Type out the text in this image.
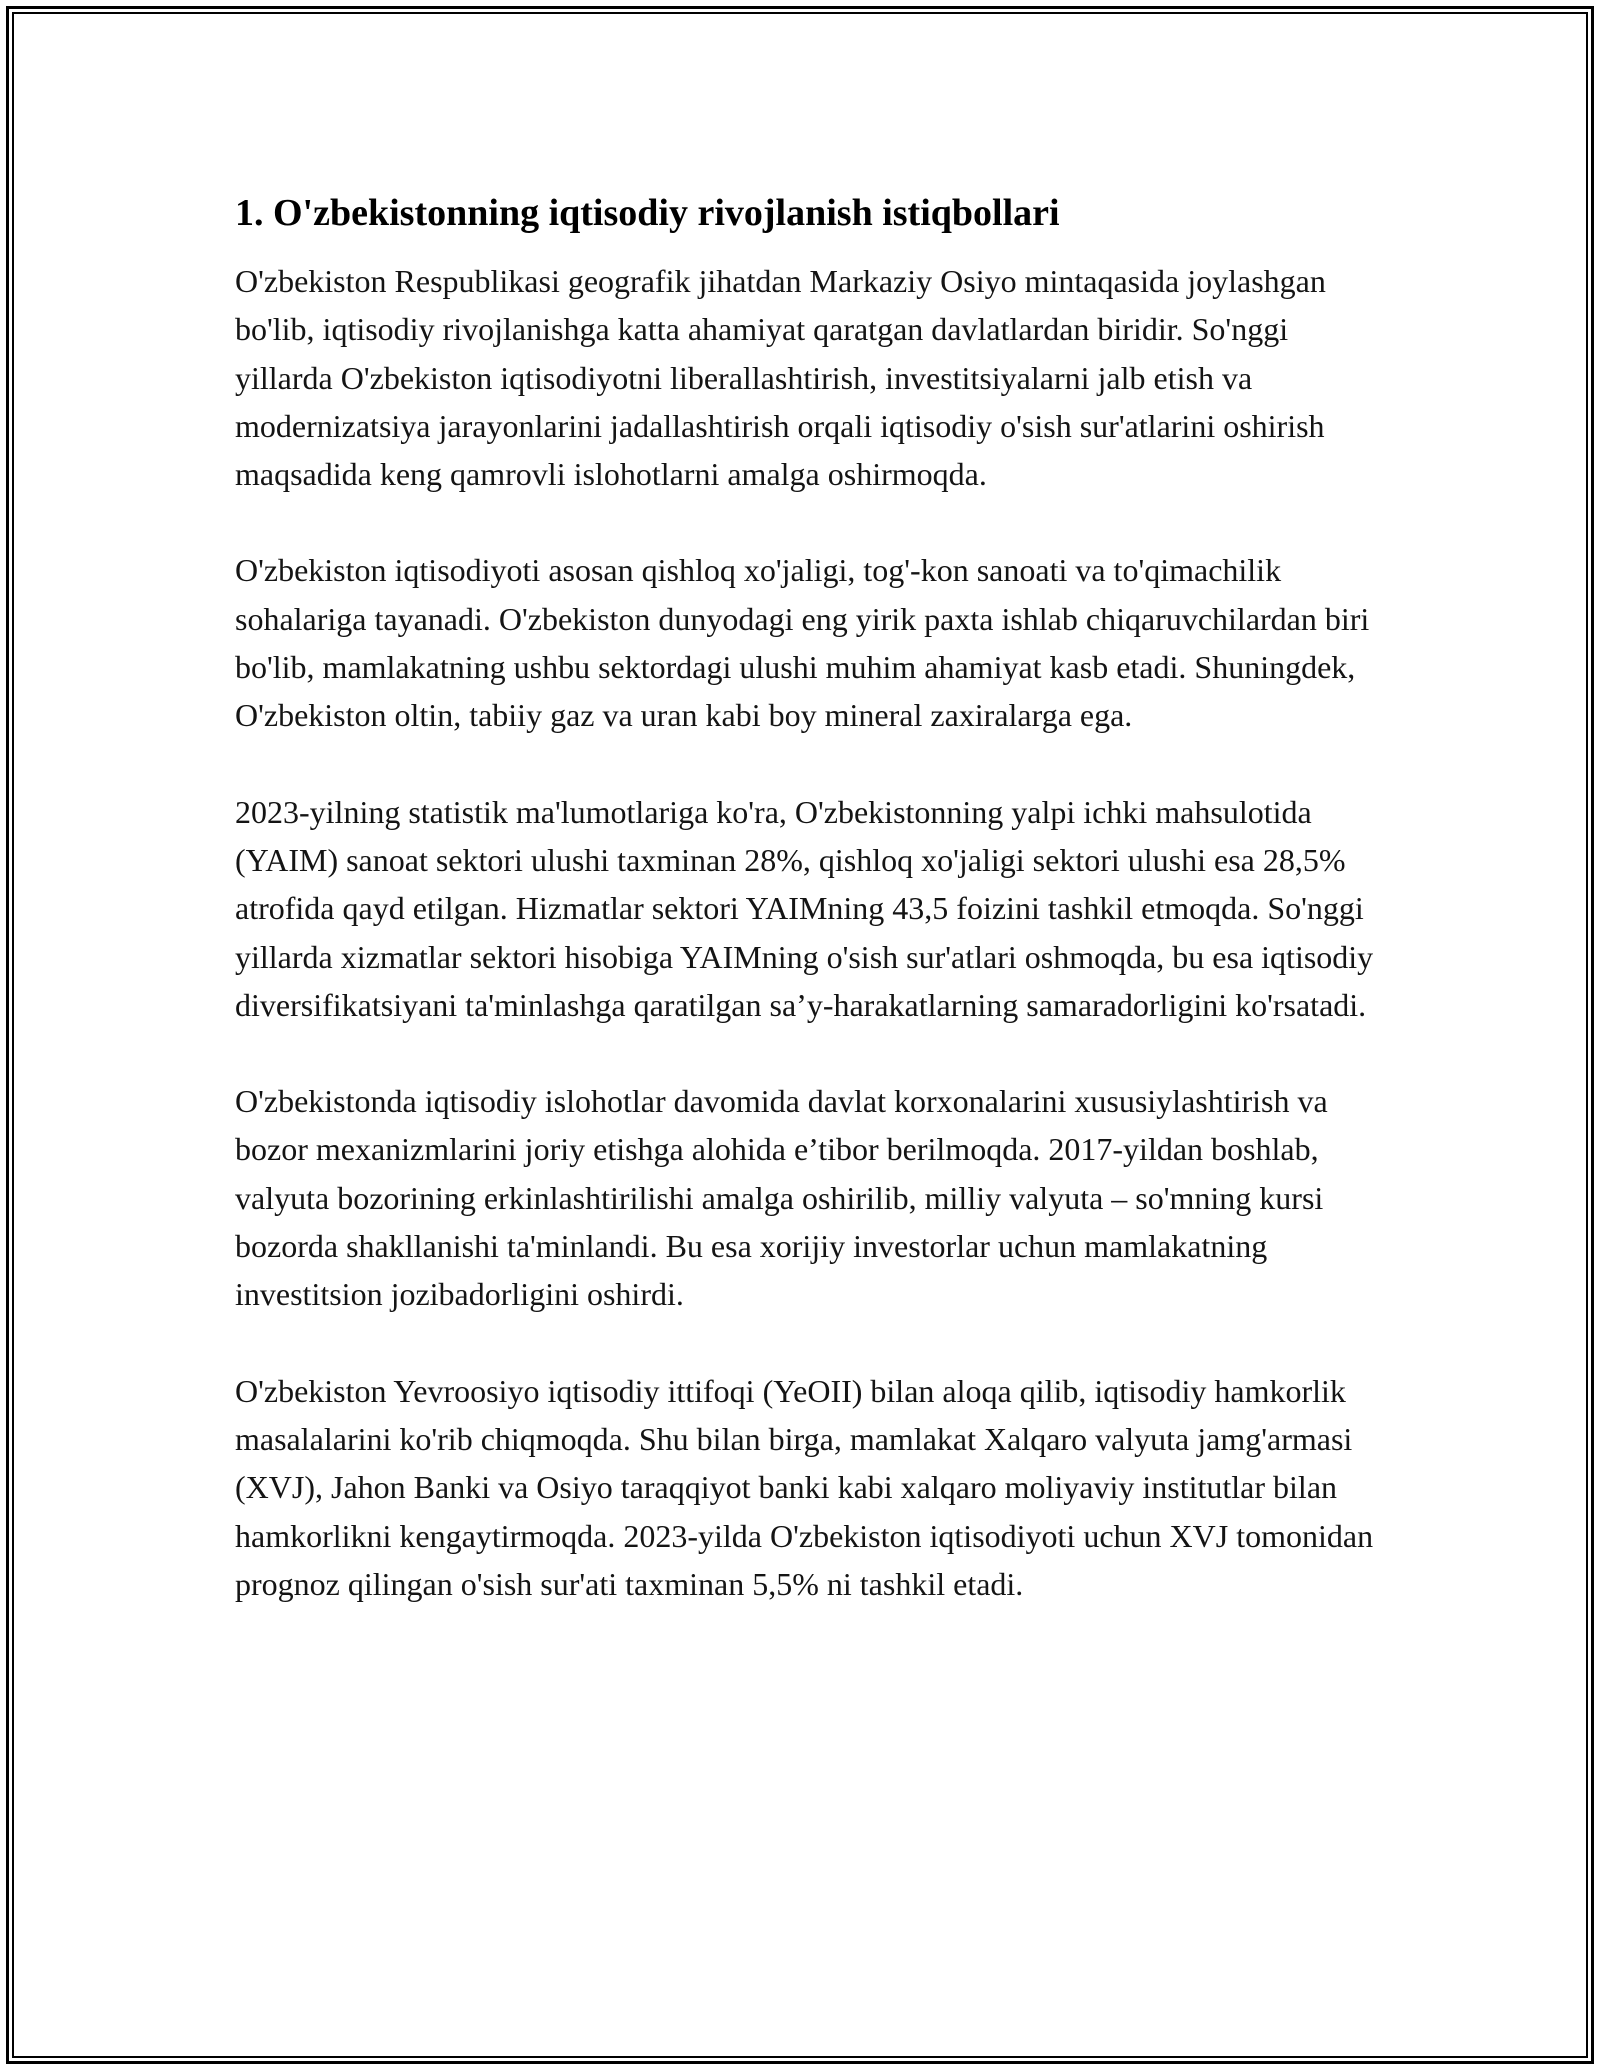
1. O'zbekistonning iqtisodiy rivojlanish istiqbollari

O'zbekiston Respublikasi geografik jihatdan Markaziy Osiyo mintaqasida joylashgan bo'lib, iqtisodiy rivojlanishga katta ahamiyat qaratgan davlatlardan biridir. So'nggi yillarda O'zbekiston iqtisodiyotni liberallashtirish, investitsiyalarni jalb etish va modernizatsiya jarayonlarini jadallashtirish orqali iqtisodiy o'sish sur'atlarini oshirish maqsadida keng qamrovli islohotlarni amalga oshirmoqda.

O'zbekiston iqtisodiyoti asosan qishloq xo'jaligi, tog'-kon sanoati va to'qimachilik sohalariga tayanadi. O'zbekiston dunyodagi eng yirik paxta ishlab chiqaruvchilardan biri bo'lib, mamlakatning ushbu sektordagi ulushi muhim ahamiyat kasb etadi. Shuningdek, O'zbekiston oltin, tabiiy gaz va uran kabi boy mineral zaxiralarga ega.

2023-yilning statistik ma'lumotlariga ko'ra, O'zbekistonning yalpi ichki mahsulotida (YAIM) sanoat sektori ulushi taxminan 28%, qishloq xo'jaligi sektori ulushi esa 28,5% atrofida qayd etilgan. Hizmatlar sektori YAIMning 43,5 foizini tashkil etmoqda. So'nggi yillarda xizmatlar sektori hisobiga YAIMning o'sish sur'atlari oshmoqda, bu esa iqtisodiy diversifikatsiyani ta'minlashga qaratilgan sa’y-harakatlarning samaradorligini ko'rsatadi.

O'zbekistonda iqtisodiy islohotlar davomida davlat korxonalarini xususiylashtirish va bozor mexanizmlarini joriy etishga alohida e’tibor berilmoqda. 2017-yildan boshlab, valyuta bozorining erkinlashtirilishi amalga oshirilib, milliy valyuta – so'mning kursi bozorda shakllanishi ta'minlandi. Bu esa xorijiy investorlar uchun mamlakatning investitsion jozibadorligini oshirdi.

O'zbekiston Yevroosiyo iqtisodiy ittifoqi (YeOII) bilan aloqa qilib, iqtisodiy hamkorlik masalalarini ko'rib chiqmoqda. Shu bilan birga, mamlakat Xalqaro valyuta jamg'armasi (XVJ), Jahon Banki va Osiyo taraqqiyot banki kabi xalqaro moliyaviy institutlar bilan hamkorlikni kengaytirmoqda. 2023-yilda O'zbekiston iqtisodiyoti uchun XVJ tomonidan prognoz qilingan o'sish sur'ati taxminan 5,5% ni tashkil etadi.
